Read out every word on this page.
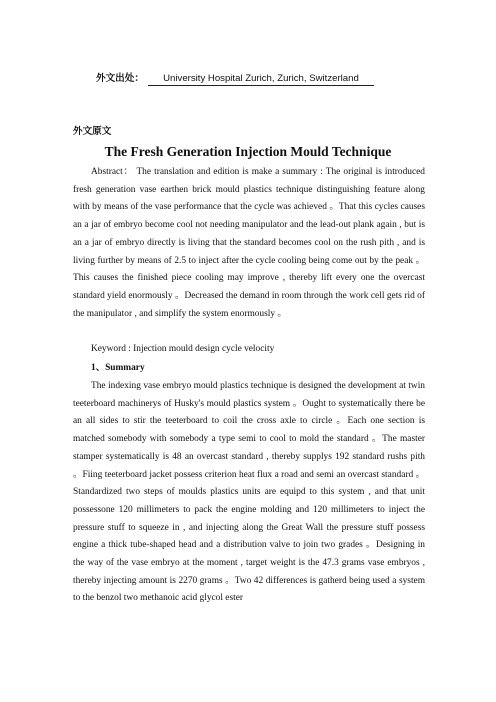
外文出处： University Hospital Zurich, Zurich, Switzerland
外文原文
The Fresh Generation Injection Mould Technique

Abstract： The translation and edition is make a summary : The original is introduced fresh generation vase earthen brick mould plastics technique distinguishing feature along with by means of the vase performance that the cycle was achieved 。That this cycles causes an a jar of embryo become cool not needing manipulator and the lead-out plank again , but is an a jar of embryo directly is living that the standard becomes cool on the rush pith , and is living further by means of 2.5 to inject after the cycle cooling being come out by the peak 。This causes the finished piece cooling may improve , thereby lift every one the overcast standard yield enormously 。Decreased the demand in room through the work cell gets rid of the manipulator , and simplify the system enormously 。

Keyword : Injection mould design cycle velocity

1、Summary

The indexing vase embryo mould plastics technique is designed the development at twin teeterboard machinerys of Husky's mould plastics system 。Ought to systematically there be an all sides to stir the teeterboard to coil the cross axle to circle 。Each one section is matched somebody with somebody a type semi to cool to mold the standard 。The master stamper systematically is 48 an overcast standard , thereby supplys 192 standard rushs pith 。Fiing teeterboard jacket possess criterion heat flux a road and semi an overcast standard 。Standardized two steps of moulds plastics units are equipd to this system , and that unit possessone 120 millimeters to pack the engine molding and 120 millimeters to inject the pressure stuff to squeeze in , and injecting along the Great Wall the pressure stuff possess engine a thick tube-shaped head and a distribution valve to join two grades 。Designing in the way of the vase embryo at the moment , target weight is the 47.3 grams vase embryos , thereby injecting amount is 2270 grams 。Two 42 differences is gatherd being used a system to the benzol two methanoic acid glycol ester
